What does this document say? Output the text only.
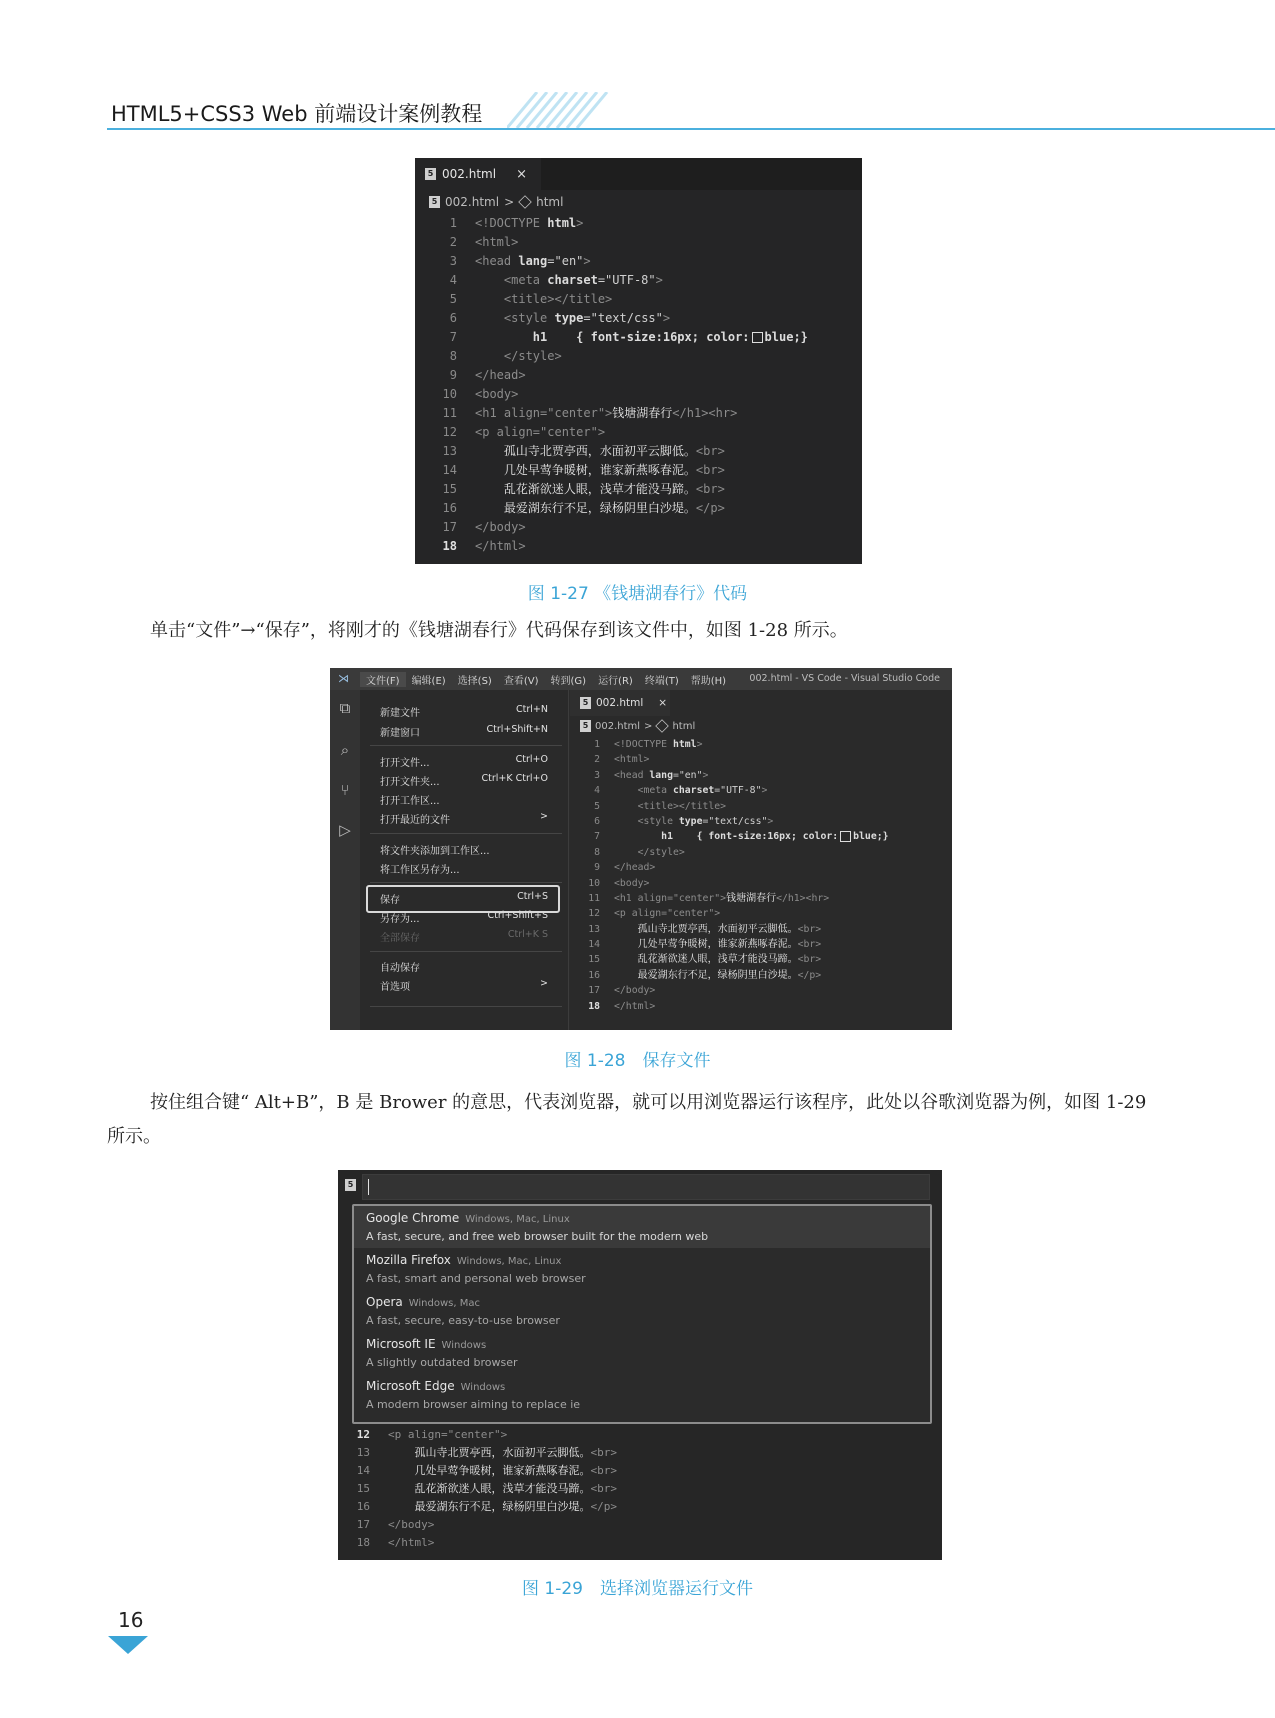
HTML5+CSS3 Web 前端设计案例教程
5 002.html ×
5 002.html > html
1 <!DOCTYPE html>
2 <html>
3 <head lang="en">
4    <meta charset="UTF-8">
5    <title></title>
6    <style type="text/css">
7        h1    { font-size:16px; color: blue;}
8    </style>
9 </head>
10 <body>
11 <h1 align="center">钱塘湖春行</h1><hr>
12 <p align="center">
13	孤山寺北贾亭西，水面初平云脚低。<br>
14	几处早莺争暖树，谁家新燕啄春泥。<br>
15	乱花渐欲迷人眼，浅草才能没马蹄。<br>
16	最爱湖东行不足，绿杨阴里白沙堤。</p>
17 </body>
18 </html>
图 1-27 《钱塘湖春行》代码
单击“文件”→“保存”，将刚才的《钱塘湖春行》代码保存到该文件中，如图 1-28 所示。
⋊	文件(F)	编辑(E)	选择(S)	查看(V)	转到(G)	运行(R)	终端(T)	帮助(H)	002.html - VS Code - Visual Studio Code
⧉
⌕
⑂
▷
新建文件	Ctrl+N
新建窗口	Ctrl+Shift+N
打开文件...	Ctrl+O
打开文件夹...	Ctrl+K Ctrl+O
打开工作区...
打开最近的文件	>
将文件夹添加到工作区...
将工作区另存为...
保存	Ctrl+S
另存为...	Ctrl+Shift+S
全部保存	Ctrl+K S
自动保存
首选项	>
5 002.html ×
5 002.html > html
1 <!DOCTYPE html>
2 <html>
3 <head lang="en">
4    <meta charset="UTF-8">
5    <title></title>
6    <style type="text/css">
7        h1    { font-size:16px; color: blue;}
8    </style>
9 </head>
10 <body>
11 <h1 align="center">钱塘湖春行</h1><hr>
12 <p align="center">
13	孤山寺北贾亭西，水面初平云脚低。<br>
14	几处早莺争暖树，谁家新燕啄春泥。<br>
15	乱花渐欲迷人眼，浅草才能没马蹄。<br>
16	最爱湖东行不足，绿杨阴里白沙堤。</p>
17 </body>
18 </html>
图 1-28　保存文件
按住组合键“ Alt+B”，B 是 Brower 的意思，代表浏览器，就可以用浏览器运行该程序，此处以谷歌浏览器为例，如图 1-29 所示。
5
Google Chrome Windows, Mac, Linux
A fast, secure, and free web browser built for the modern web
Mozilla Firefox Windows, Mac, Linux
A fast, smart and personal web browser
Opera Windows, Mac
A fast, secure, easy-to-use browser
Microsoft IE Windows
A slightly outdated browser
Microsoft Edge Windows
A modern browser aiming to replace ie
12 <p align="center">
13	孤山寺北贾亭西，水面初平云脚低。<br>
14	几处早莺争暖树，谁家新燕啄春泥。<br>
15	乱花渐欲迷人眼，浅草才能没马蹄。<br>
16	最爱湖东行不足，绿杨阴里白沙堤。</p>
17 </body>
18 </html>
图 1-29　选择浏览器运行文件
16
